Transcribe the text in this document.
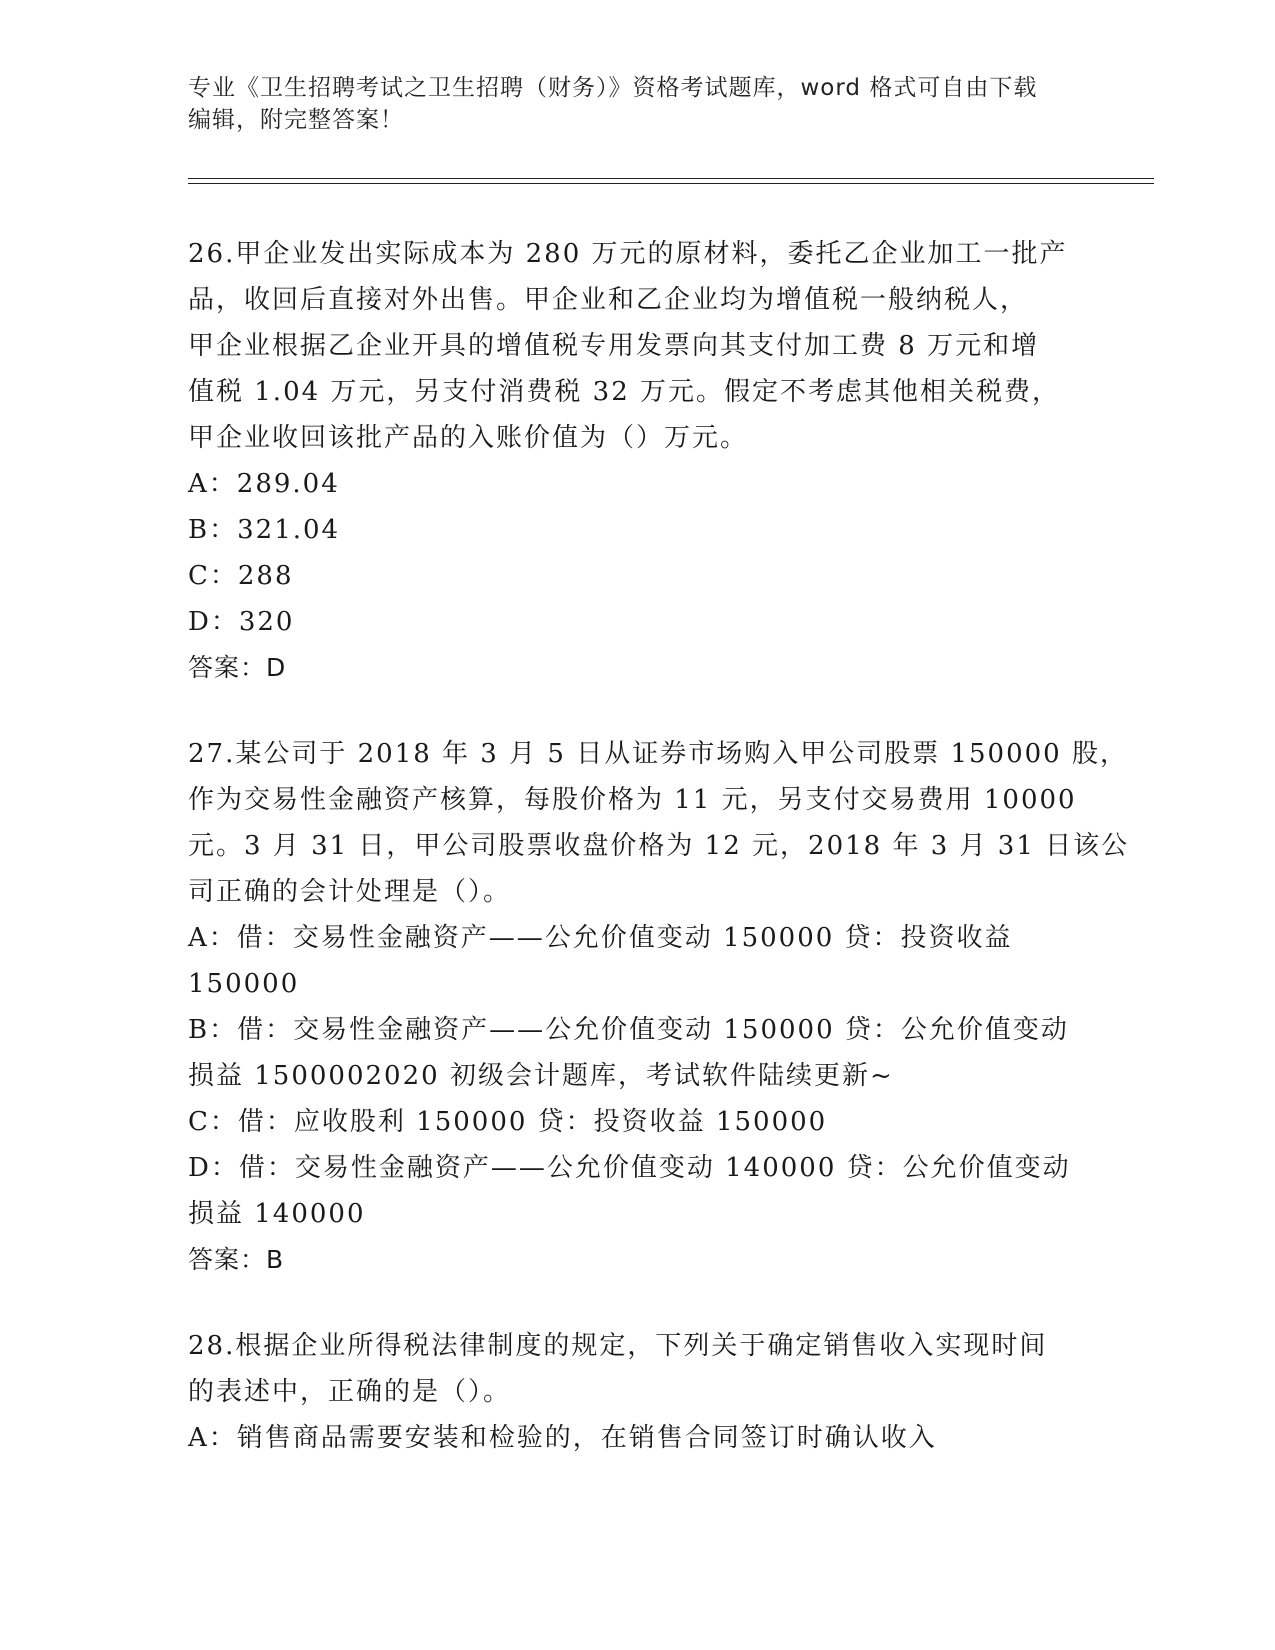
专业《卫生招聘考试之卫生招聘（财务）》资格考试题库，word 格式可自由下载
编辑，附完整答案！
26.甲企业发出实际成本为 280 万元的原材料，委托乙企业加工一批产
品，收回后直接对外出售。甲企业和乙企业均为增值税一般纳税人，
甲企业根据乙企业开具的增值税专用发票向其支付加工费 8 万元和增
值税 1.04 万元，另支付消费税 32 万元。假定不考虑其他相关税费，
甲企业收回该批产品的入账价值为（）万元。
A：289.04
B：321.04
C：288
D：320
答案：D
27.某公司于 2018 年 3 月 5 日从证券市场购入甲公司股票 150000 股，
作为交易性金融资产核算，每股价格为 11 元，另支付交易费用 10000
元。3 月 31 日，甲公司股票收盘价格为 12 元，2018 年 3 月 31 日该公
司正确的会计处理是（）。
A：借：交易性金融资产——公允价值变动 150000 贷：投资收益
150000
B：借：交易性金融资产——公允价值变动 150000 贷：公允价值变动
损益 1500002020 初级会计题库，考试软件陆续更新~
C：借：应收股利 150000 贷：投资收益 150000
D：借：交易性金融资产——公允价值变动 140000 贷：公允价值变动
损益 140000
答案：B
28.根据企业所得税法律制度的规定，下列关于确定销售收入实现时间
的表述中，正确的是（）。
A：销售商品需要安装和检验的，在销售合同签订时确认收入
